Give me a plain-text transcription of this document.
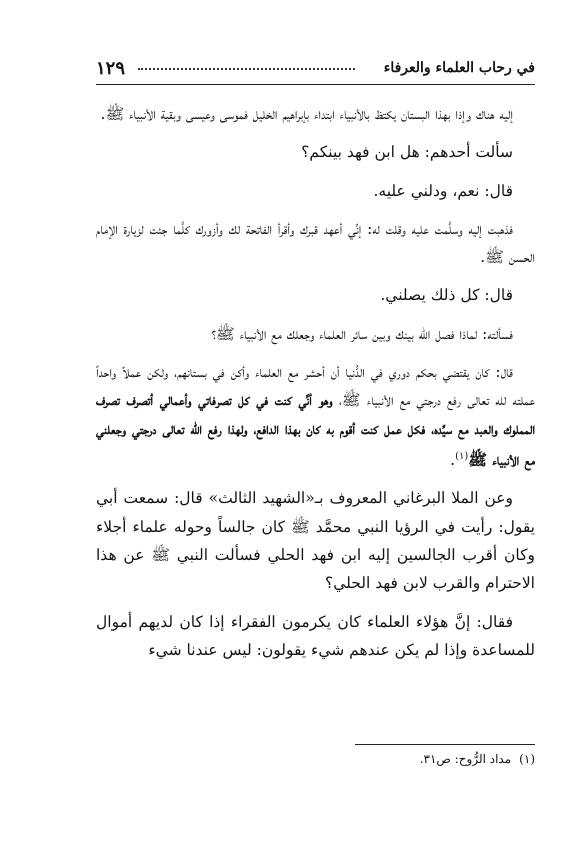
في رحاب العلماء والعرفاء
١٢٩

إليه هناك وإذا بهذا البستان يكتظ بالأنبياء ابتداء بإبراهيم الخليل فموسى وعيسى وبقية الأنبياء ﷺ.

سألت أحدهم: هل ابن فهد بينكم؟

قال: نعم، ودلني عليه.

فذهبت إليه وسلَّمت عليه وقلت له: إنِّي أعهد قبرك وأقرأ الفاتحة لك وأزورك كلَّما جئت لزيارة الإمام الحسن ﷺ.

قال: كل ذلك يصلني.

فسألته: لماذا فصل الله بينك وبين سائر العلماء وجعلك مع الأنبياء ﷺ؟

قال: كان يقتضي بحكم دوري في الدُّنيا أن أحشر مع العلماء وأكن في بستانهم، ولكن عملاً واحداً عملته لله تعالى رفع درجتي مع الأنبياء ﷺ، وهو أنِّي كنت في كل تصرفاتي وأعمالي أتصرف تصرف المملوك والعبد مع سيِّده، فكل عمل كنت أقوم به كان بهذا الدافع، ولهذا رفع الله تعالى درجتي وجعلني مع الأنبياء ﷺ$^{(١)}$.

وعن الملا البرغاني المعروف بـ«الشهيد الثالث» قال: سمعت أبي يقول: رأيت في الرؤيا النبي محمَّد ﷺ كان جالساً وحوله علماء أجلاء وكان أقرب الجالسين إليه ابن فهد الحلي فسألت النبي ﷺ عن هذا الاحترام والقرب لابن فهد الحلي؟

فقال: إنَّ هؤلاء العلماء كان يكرمون الفقراء إذا كان لديهم أموال للمساعدة وإذا لم يكن عندهم شيء يقولون: ليس عندنا شيء

(١)مداد الرُّوح: ص٣١.
